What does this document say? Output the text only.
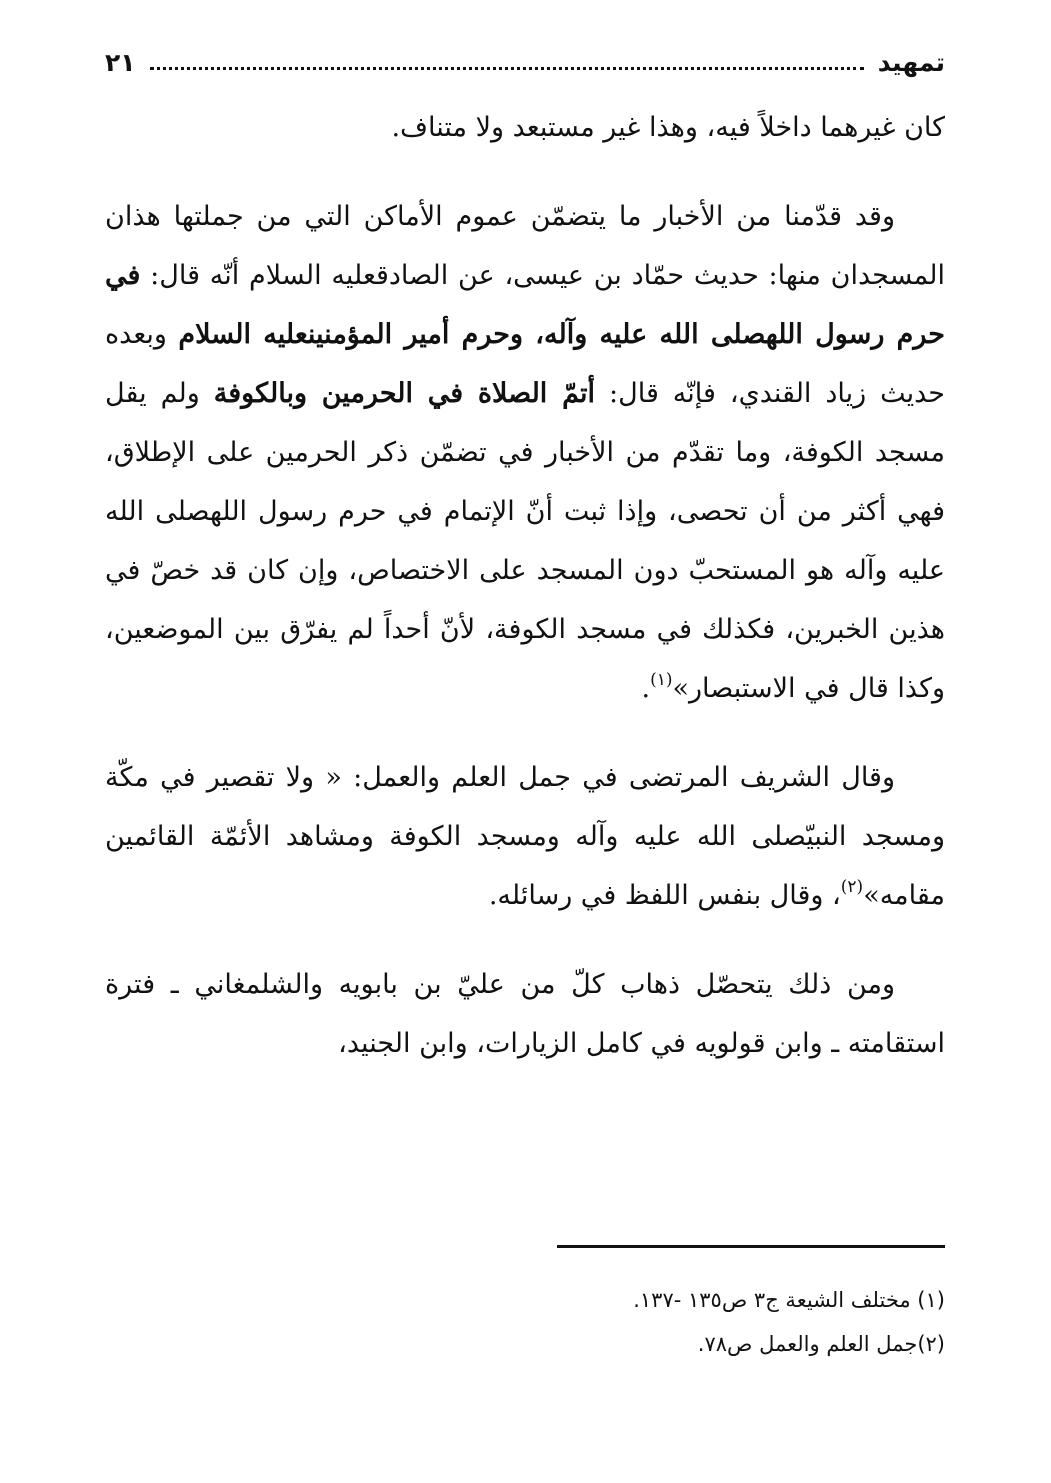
تمهيد
٢١

كان غيرهما داخلاً فيه، وهذا غير مستبعد ولا متناف.

وقد قدّمنا من الأخبار ما يتضمّن عموم الأماكن التي من جملتها هذان المسجدان منها: حديث حمّاد بن عيسى، عن الصادقعليه السلام أنّه قال: في حرم رسول اللهصلى الله عليه وآله، وحرم أمير المؤمنينعليه السلام وبعده حديث زياد القندي، فإنّه قال: أتمّ الصلاة في الحرمين وبالكوفة ولم يقل مسجد الكوفة، وما تقدّم من الأخبار في تضمّن ذكر الحرمين على الإطلاق، فهي أكثر من أن تحصى، وإذا ثبت أنّ الإتمام في حرم رسول اللهصلى الله عليه وآله هو المستحبّ دون المسجد على الاختصاص، وإن كان قد خصّ في هذين الخبرين، فكذلك في مسجد الكوفة، لأنّ أحداً لم يفرّق بين الموضعين، وكذا قال في الاستبصار»$^{(١)}$.

وقال الشريف المرتضى في جمل العلم والعمل: « ولا تقصير في مكّة ومسجد النبيّصلى الله عليه وآله ومسجد الكوفة ومشاهد الأئمّة القائمين مقامه»$^{(٢)}$، وقال بنفس اللفظ في رسائله.

ومن ذلك يتحصّل ذهاب كلّ من عليّ بن بابويه والشلمغاني ـ فترة استقامته ـ وابن قولويه في كامل الزيارات، وابن الجنيد،

(١) مختلف الشيعة ج٣ ص١٣٥ -١٣٧.

(٢)جمل العلم والعمل ص٧٨.
